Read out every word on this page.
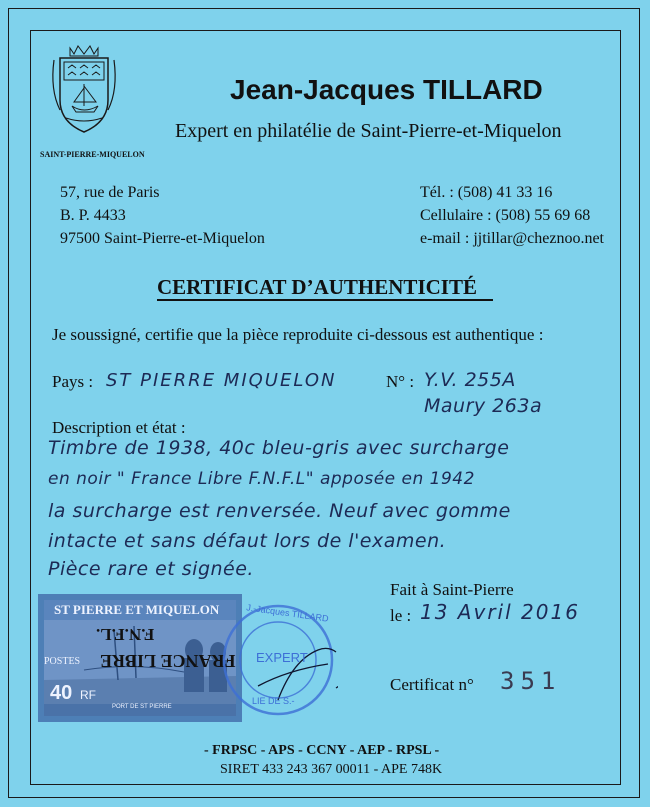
SAINT-PIERRE-MIQUELON
Jean-Jacques TILLARD
Expert en philatélie de Saint-Pierre-et-Miquelon
57, rue de Paris
B. P. 4433
97500 Saint-Pierre-et-Miquelon
Tél. : (508) 41 33 16
Cellulaire : (508) 55 69 68
e-mail : jjtillar@cheznoo.net
CERTIFICAT D’AUTHENTICITÉ
Je soussigné, certifie que la pièce reproduite ci-dessous est authentique :
Pays : ST PIERRE MIQUELON	N° : Y.V. 255A
Maury 263a
Description et état :
Timbre de 1938, 40c bleu-gris avec surcharge
en noir " France Libre F.N.F.L" apposée en 1942
la surcharge est renversée. Neuf avec gomme
intacte et sans défaut lors de l'examen.
Pièce rare et signée.
Fait à Saint-Pierre
le : 13 Avril 2016
ST PIERRE ET MIQUELON
F.N.F.L.
FRANCE LIBRE
POSTES
40 RF
PORT DE ST PIERRE
J.-Jacques TILLARD
EXPERT
LIE DE S.-
Certificat n° 351
- FRPSC - APS - CCNY - AEP - RPSL -
SIRET 433 243 367 00011 - APE 748K
